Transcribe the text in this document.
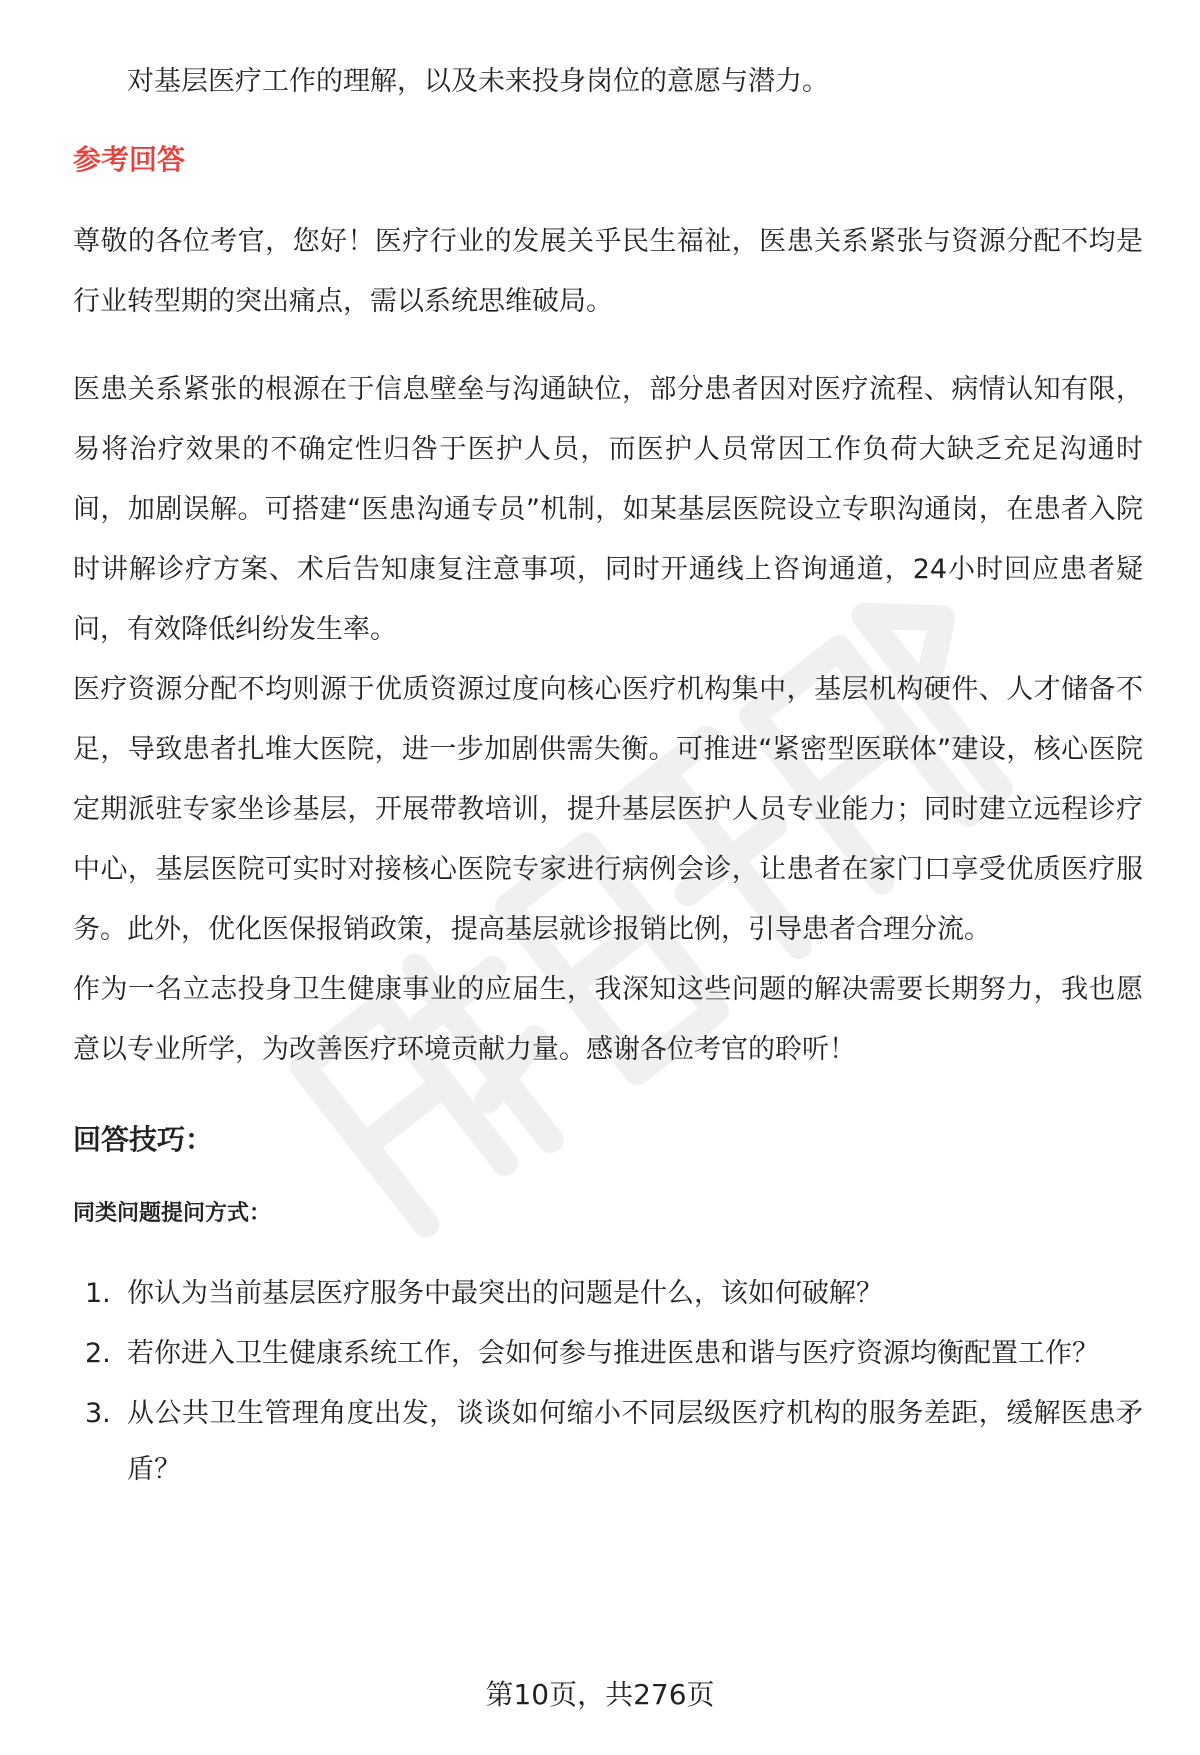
对基层医疗工作的理解，以及未来投身岗位的意愿与潜力。

参考回答

尊敬的各位考官，您好！医疗行业的发展关乎民生福祉，医患关系紧张与资源分配不均是行业转型期的突出痛点，需以系统思维破局。

医患关系紧张的根源在于信息壁垒与沟通缺位，部分患者因对医疗流程、病情认知有限，易将治疗效果的不确定性归咎于医护人员，而医护人员常因工作负荷大缺乏充足沟通时间，加剧误解。可搭建“医患沟通专员”机制，如某基层医院设立专职沟通岗，在患者入院时讲解诊疗方案、术后告知康复注意事项，同时开通线上咨询通道，24小时回应患者疑问，有效降低纠纷发生率。

医疗资源分配不均则源于优质资源过度向核心医疗机构集中，基层机构硬件、人才储备不足，导致患者扎堆大医院，进一步加剧供需失衡。可推进“紧密型医联体”建设，核心医院定期派驻专家坐诊基层，开展带教培训，提升基层医护人员专业能力；同时建立远程诊疗中心，基层医院可实时对接核心医院专家进行病例会诊，让患者在家门口享受优质医疗服务。此外，优化医保报销政策，提高基层就诊报销比例，引导患者合理分流。

作为一名立志投身卫生健康事业的应届生，我深知这些问题的解决需要长期努力，我也愿意以专业所学，为改善医疗环境贡献力量。感谢各位考官的聆听！

回答技巧：

同类问题提问方式：

1. 你认为当前基层医疗服务中最突出的问题是什么，该如何破解？
2. 若你进入卫生健康系统工作，会如何参与推进医患和谐与医疗资源均衡配置工作？
3. 从公共卫生管理角度出发，谈谈如何缩小不同层级医疗机构的服务差距，缓解医患矛盾？
第10页，共276页
